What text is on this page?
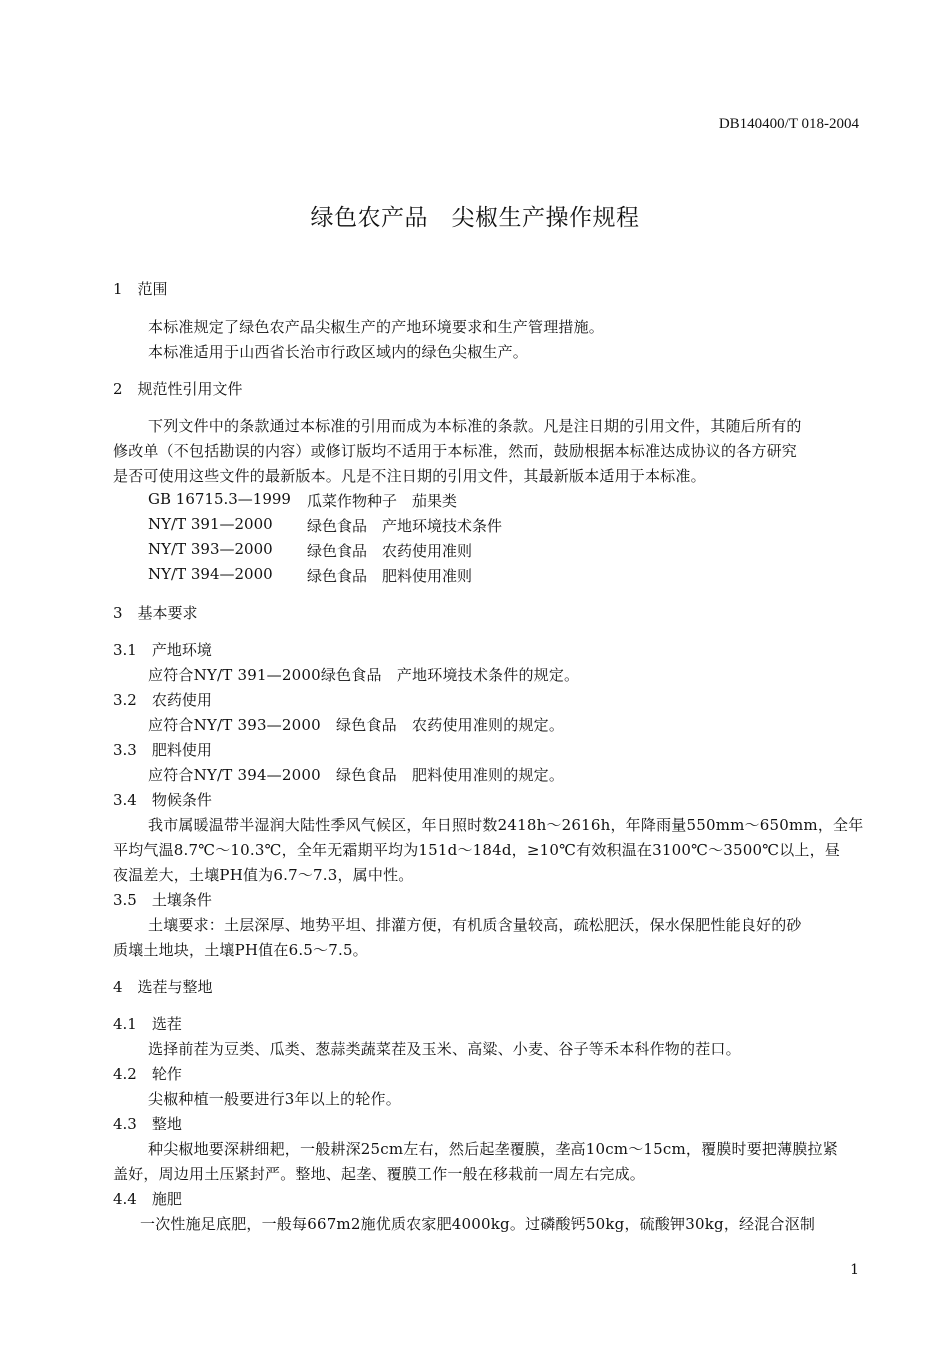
DB140400/T 018-2004
绿色农产品　尖椒生产操作规程
1　范围
本标准规定了绿色农产品尖椒生产的产地环境要求和生产管理措施。
本标准适用于山西省长治市行政区域内的绿色尖椒生产。
2　规范性引用文件
下列文件中的条款通过本标准的引用而成为本标准的条款。凡是注日期的引用文件，其随后所有的
修改单（不包括勘误的内容）或修订版均不适用于本标准，然而，鼓励根据本标准达成协议的各方研究
是否可使用这些文件的最新版本。凡是不注日期的引用文件，其最新版本适用于本标准。
GB 16715.3—1999 瓜菜作物种子　茄果类
NY/T 391—2000 绿色食品　产地环境技术条件
NY/T 393—2000 绿色食品　农药使用准则
NY/T 394—2000 绿色食品　肥料使用准则
3　基本要求
3.1　产地环境
应符合NY/T 391—2000绿色食品　产地环境技术条件的规定。
3.2　农药使用
应符合NY/T 393—2000　绿色食品　农药使用准则的规定。
3.3　肥料使用
应符合NY/T 394—2000　绿色食品　肥料使用准则的规定。
3.4　物候条件
我市属暖温带半湿润大陆性季风气候区，年日照时数2418h～2616h，年降雨量550mm～650mm，全年
平均气温8.7℃～10.3℃，全年无霜期平均为151d～184d，≥10℃有效积温在3100℃～3500℃以上，昼
夜温差大，土壤PH值为6.7～7.3，属中性。
3.5　土壤条件
土壤要求：土层深厚、地势平坦、排灌方便，有机质含量较高，疏松肥沃，保水保肥性能良好的砂
质壤土地块，土壤PH值在6.5～7.5。
4　选茬与整地
4.1　选茬
选择前茬为豆类、瓜类、葱蒜类蔬菜茬及玉米、高粱、小麦、谷子等禾本科作物的茬口。
4.2　轮作
尖椒种植一般要进行3年以上的轮作。
4.3　整地
种尖椒地要深耕细耙，一般耕深25cm左右，然后起垄覆膜，垄高10cm～15cm，覆膜时要把薄膜拉紧
盖好，周边用土压紧封严。整地、起垄、覆膜工作一般在移栽前一周左右完成。
4.4　施肥
一次性施足底肥，一般每667m2施优质农家肥4000kg。过磷酸钙50kg，硫酸钾30kg，经混合沤制
1
